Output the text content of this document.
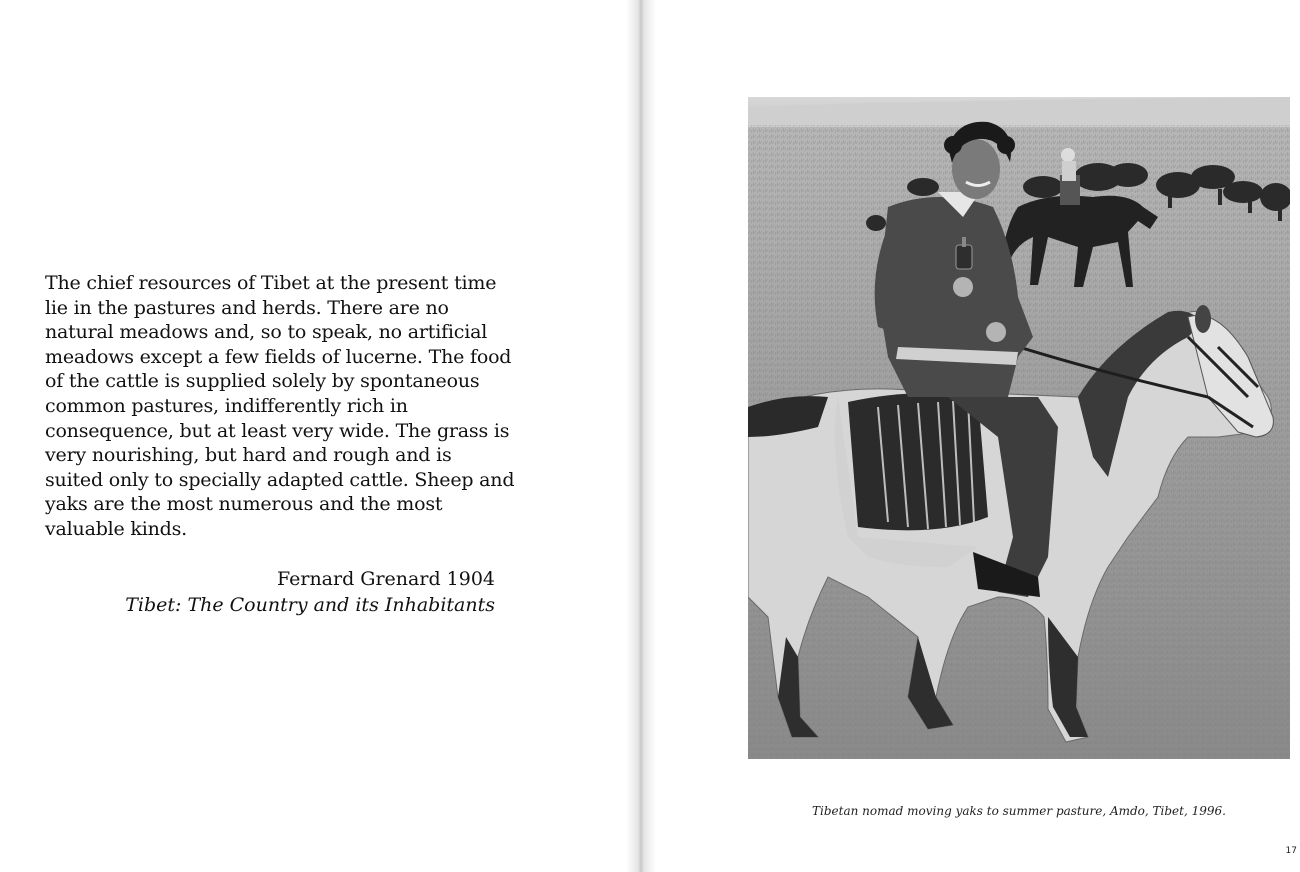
The chief resources of Tibet at the present time lie in the pastures and herds. There are no natural meadows and, so to speak, no artificial meadows except a few fields of lucerne. The food of the cattle is supplied solely by spontaneous common pastures, indifferently rich in consequence, but at least very wide. The grass is very nourishing, but hard and rough and is suited only to specially adapted cattle. Sheep and yaks are the most numerous and the most valuable kinds.

Fernard Grenard 1904
Tibet: The Country and its Inhabitants
Tibetan nomad moving yaks to summer pasture, Amdo, Tibet, 1996.
17
